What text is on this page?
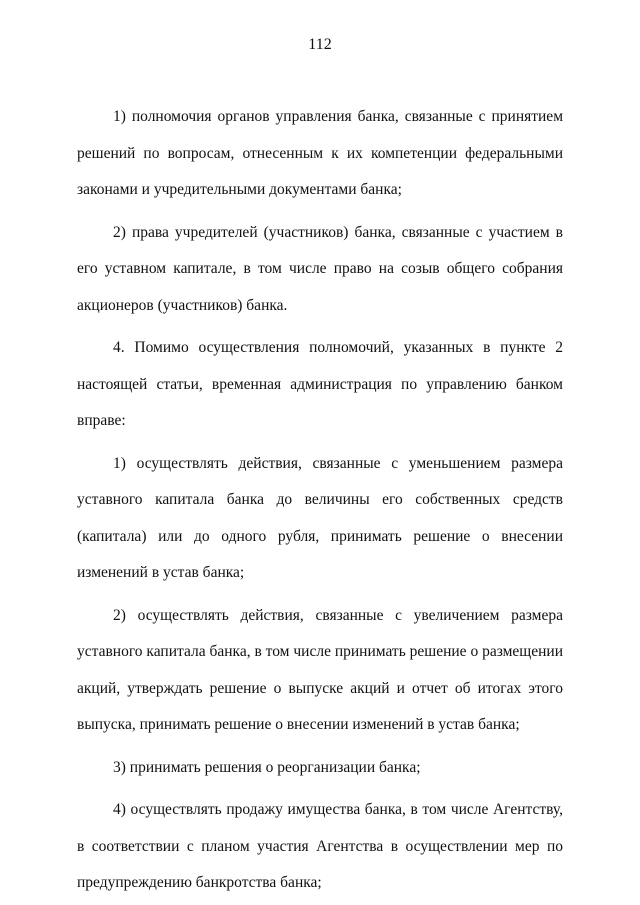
112

1) полномочия органов управления банка, связанные с принятием решений по вопросам, отнесенным к их компетенции федеральными законами и учредительными документами банка;

2) права учредителей (участников) банка, связанные с участием в его уставном капитале, в том числе право на созыв общего собрания акционеров (участников) банка.

4. Помимо осуществления полномочий, указанных в пункте 2 настоящей статьи, временная администрация по управлению банком вправе:

1) осуществлять действия, связанные с уменьшением размера уставного капитала банка до величины его собственных средств (капитала) или до одного рубля, принимать решение о внесении изменений в устав банка;

2) осуществлять действия, связанные с увеличением размера уставного капитала банка, в том числе принимать решение о размещении акций, утверждать решение о выпуске акций и отчет об итогах этого выпуска, принимать решение о внесении изменений в устав банка;

3) принимать решения о реорганизации банка;

4) осуществлять продажу имущества банка, в том числе Агентству, в соответствии с планом участия Агентства в осуществлении мер по предупреждению банкротства банка;
